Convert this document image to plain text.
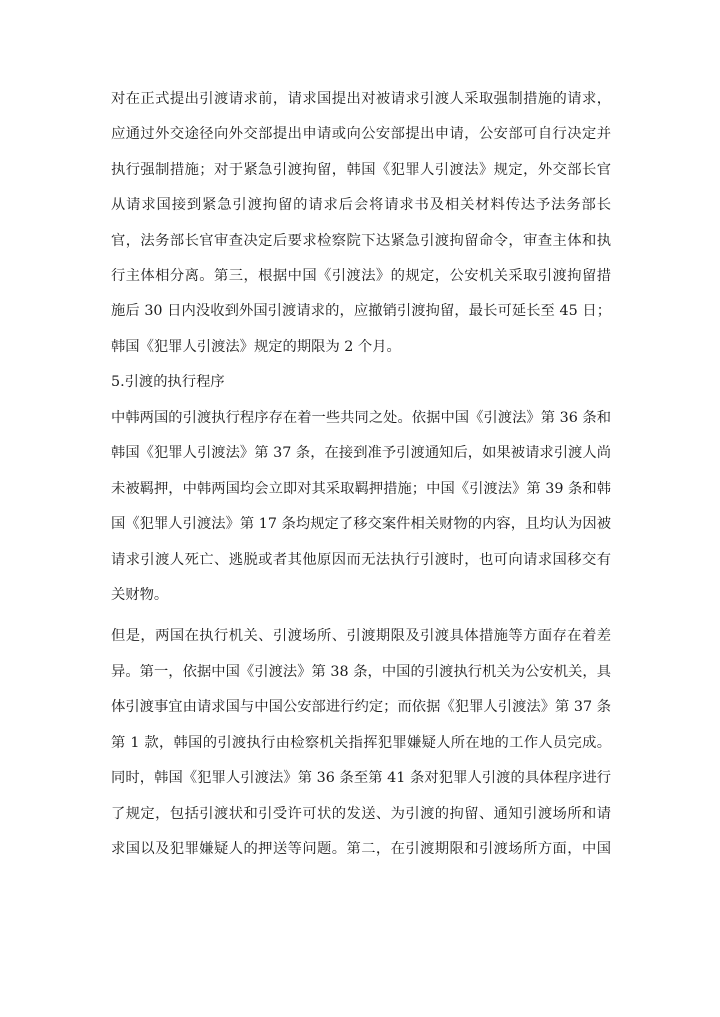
对在正式提出引渡请求前，请求国提出对被请求引渡人采取强制措施的请求，
应通过外交途径向外交部提出申请或向公安部提出申请，公安部可自行决定并
执行强制措施；对于紧急引渡拘留，韩国《犯罪人引渡法》规定，外交部长官
从请求国接到紧急引渡拘留的请求后会将请求书及相关材料传达予法务部长
官，法务部长官审查决定后要求检察院下达紧急引渡拘留命令，审查主体和执
行主体相分离。第三，根据中国《引渡法》的规定，公安机关采取引渡拘留措
施后 30 日内没收到外国引渡请求的，应撤销引渡拘留，最长可延长至 45 日；
韩国《犯罪人引渡法》规定的期限为 2 个月。
5.引渡的执行程序
中韩两国的引渡执行程序存在着一些共同之处。依据中国《引渡法》第 36 条和
韩国《犯罪人引渡法》第 37 条，在接到准予引渡通知后，如果被请求引渡人尚
未被羁押，中韩两国均会立即对其采取羁押措施；中国《引渡法》第 39 条和韩
国《犯罪人引渡法》第 17 条均规定了移交案件相关财物的内容，且均认为因被
请求引渡人死亡、逃脱或者其他原因而无法执行引渡时，也可向请求国移交有
关财物。
但是，两国在执行机关、引渡场所、引渡期限及引渡具体措施等方面存在着差
异。第一，依据中国《引渡法》第 38 条，中国的引渡执行机关为公安机关，具
体引渡事宜由请求国与中国公安部进行约定；而依据《犯罪人引渡法》第 37 条
第 1 款，韩国的引渡执行由检察机关指挥犯罪嫌疑人所在地的工作人员完成。
同时，韩国《犯罪人引渡法》第 36 条至第 41 条对犯罪人引渡的具体程序进行
了规定，包括引渡状和引受许可状的发送、为引渡的拘留、通知引渡场所和请
求国以及犯罪嫌疑人的押送等问题。第二，在引渡期限和引渡场所方面，中国
